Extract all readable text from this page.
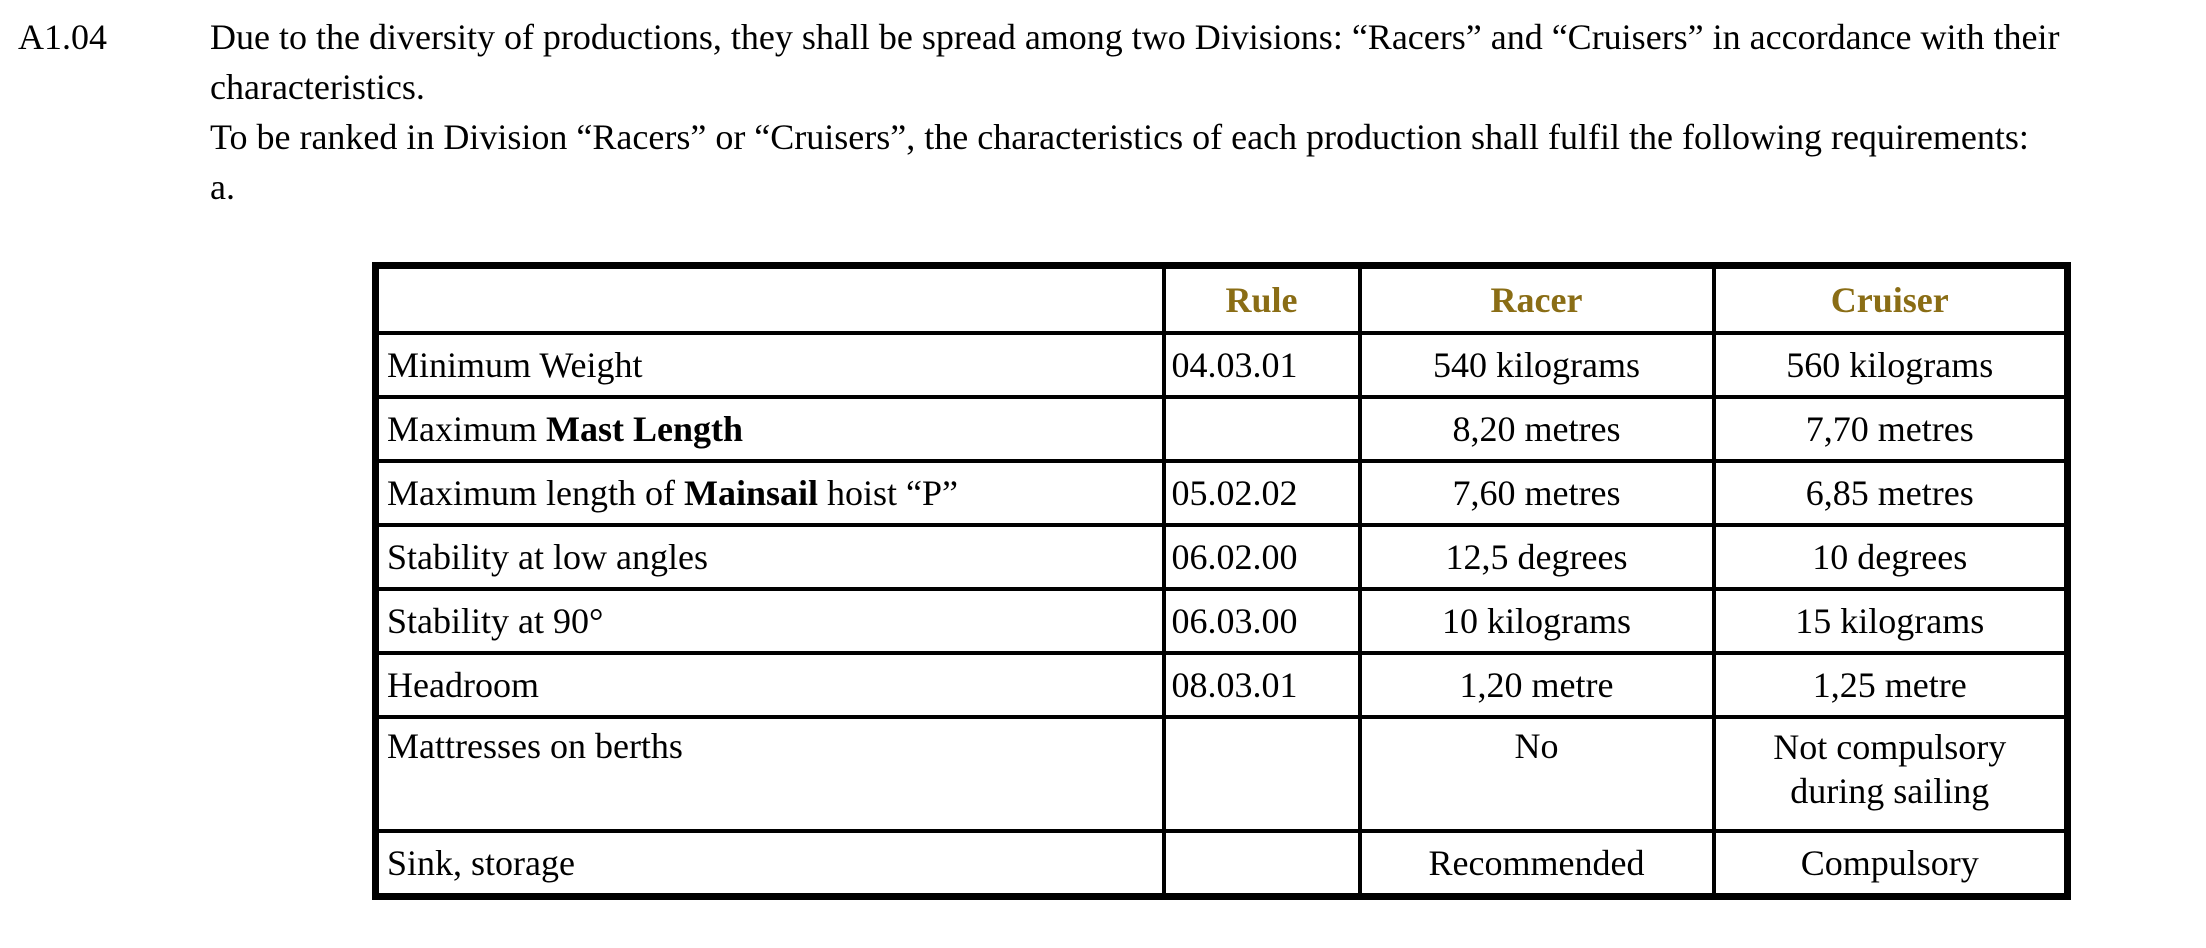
A1.04	Due to the diversity of productions, they shall be spread among two Divisions: “Racers” and “Cruisers” in accordance with their characteristics.

To be ranked in Division “Racers” or “Cruisers”, the characteristics of each production shall fulfil the following requirements:

a.

	Rule	Racer	Cruiser
Minimum Weight	04.03.01	540 kilograms	560 kilograms
Maximum Mast Length		8,20 metres	7,70 metres
Maximum length of Mainsail hoist “P”	05.02.02	7,60 metres	6,85 metres
Stability at low angles	06.02.00	12,5 degrees	10 degrees
Stability at 90°	06.03.00	10 kilograms	15 kilograms
Headroom	08.03.01	1,20 metre	1,25 metre
Mattresses on berths		No	Not compulsory during sailing
Sink, storage		Recommended	Compulsory
